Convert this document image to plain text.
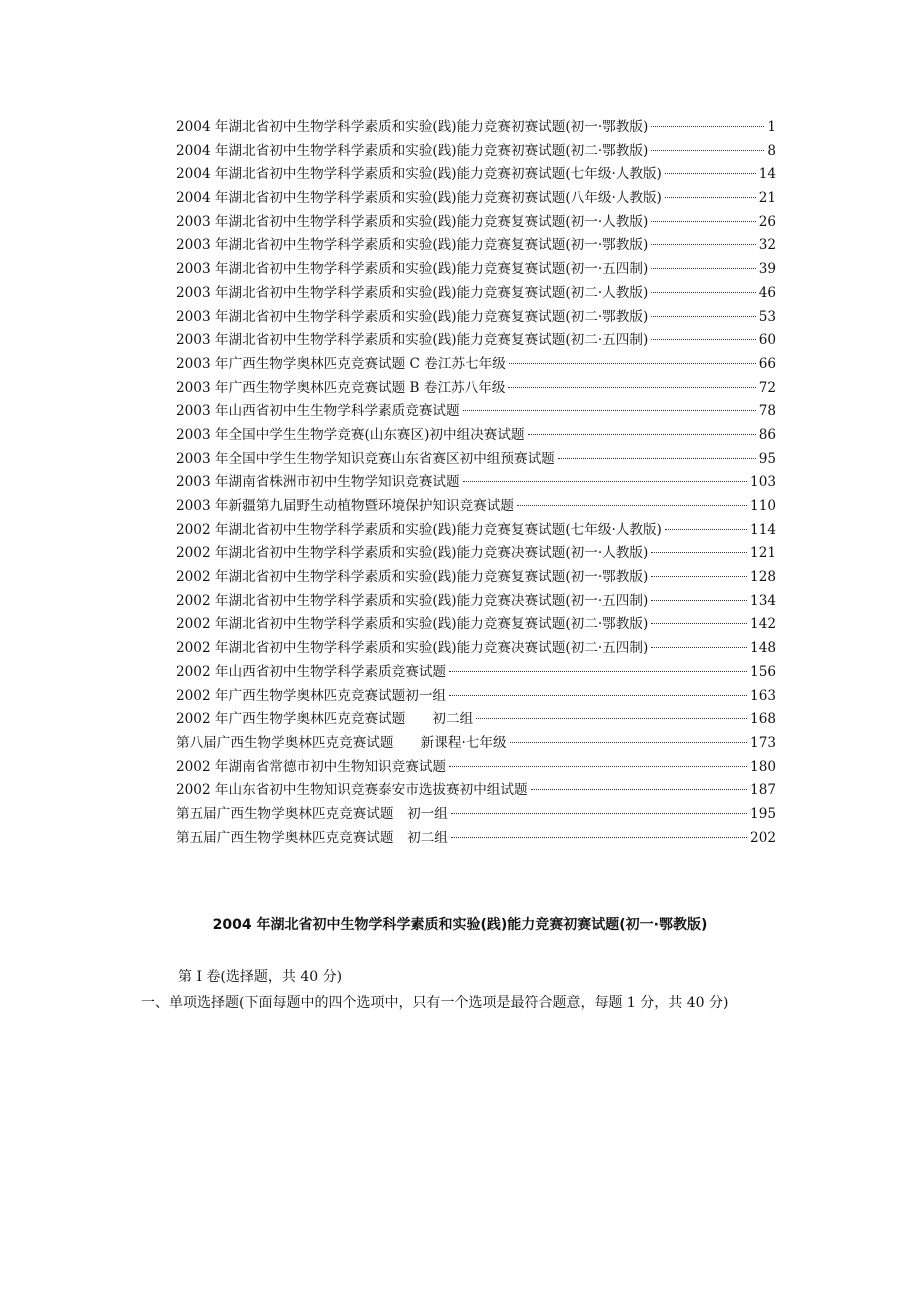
2004 年湖北省初中生物学科学素质和实验(践)能力竞赛初赛试题(初一·鄂教版)	1
2004 年湖北省初中生物学科学素质和实验(践)能力竞赛初赛试题(初二·鄂教版)	8
2004 年湖北省初中生物学科学素质和实验(践)能力竞赛初赛试题(七年级·人教版)	14
2004 年湖北省初中生物学科学素质和实验(践)能力竞赛初赛试题(八年级·人教版)	21
2003 年湖北省初中生物学科学素质和实验(践)能力竞赛复赛试题(初一·人教版)	26
2003 年湖北省初中生物学科学素质和实验(践)能力竞赛复赛试题(初一·鄂教版)	32
2003 年湖北省初中生物学科学素质和实验(践)能力竞赛复赛试题(初一·五四制)	39
2003 年湖北省初中生物学科学素质和实验(践)能力竞赛复赛试题(初二·人教版)	46
2003 年湖北省初中生物学科学素质和实验(践)能力竞赛复赛试题(初二·鄂教版)	53
2003 年湖北省初中生物学科学素质和实验(践)能力竞赛复赛试题(初二·五四制)	60
2003 年广西生物学奥林匹克竞赛试题 C 卷江苏七年级	66
2003 年广西生物学奥林匹克竞赛试题 B 卷江苏八年级	72
2003 年山西省初中生生物学科学素质竞赛试题	78
2003 年全国中学生生物学竞赛(山东赛区)初中组决赛试题	86
2003 年全国中学生生物学知识竞赛山东省赛区初中组预赛试题	95
2003 年湖南省株洲市初中生物学知识竞赛试题	103
2003 年新疆第九届野生动植物暨环境保护知识竞赛试题	110
2002 年湖北省初中生物学科学素质和实验(践)能力竞赛复赛试题(七年级·人教版)	114
2002 年湖北省初中生物学科学素质和实验(践)能力竞赛决赛试题(初一·人教版)	121
2002 年湖北省初中生物学科学素质和实验(践)能力竞赛复赛试题(初一·鄂教版)	128
2002 年湖北省初中生物学科学素质和实验(践)能力竞赛决赛试题(初一·五四制)	134
2002 年湖北省初中生物学科学素质和实验(践)能力竞赛复赛试题(初二·鄂教版)	142
2002 年湖北省初中生物学科学素质和实验(践)能力竞赛决赛试题(初二·五四制)	148
2002 年山西省初中生物学科学素质竞赛试题	156
2002 年广西生物学奥林匹克竞赛试题初一组	163
2002 年广西生物学奥林匹克竞赛试题　　初二组	168
第八届广西生物学奥林匹克竞赛试题　　新课程·七年级	173
2002 年湖南省常德市初中生物知识竞赛试题	180
2002 年山东省初中生物知识竞赛泰安市选拔赛初中组试题	187
第五届广西生物学奥林匹克竞赛试题　初一组	195
第五届广西生物学奥林匹克竞赛试题　初二组	202
2004 年湖北省初中生物学科学素质和实验(践)能力竞赛初赛试题(初一·鄂教版)
第 I 卷(选择题，共 40 分)
一、单项选择题(下面每题中的四个选项中，只有一个选项是最符合题意，每题 1 分，共 40 分)
